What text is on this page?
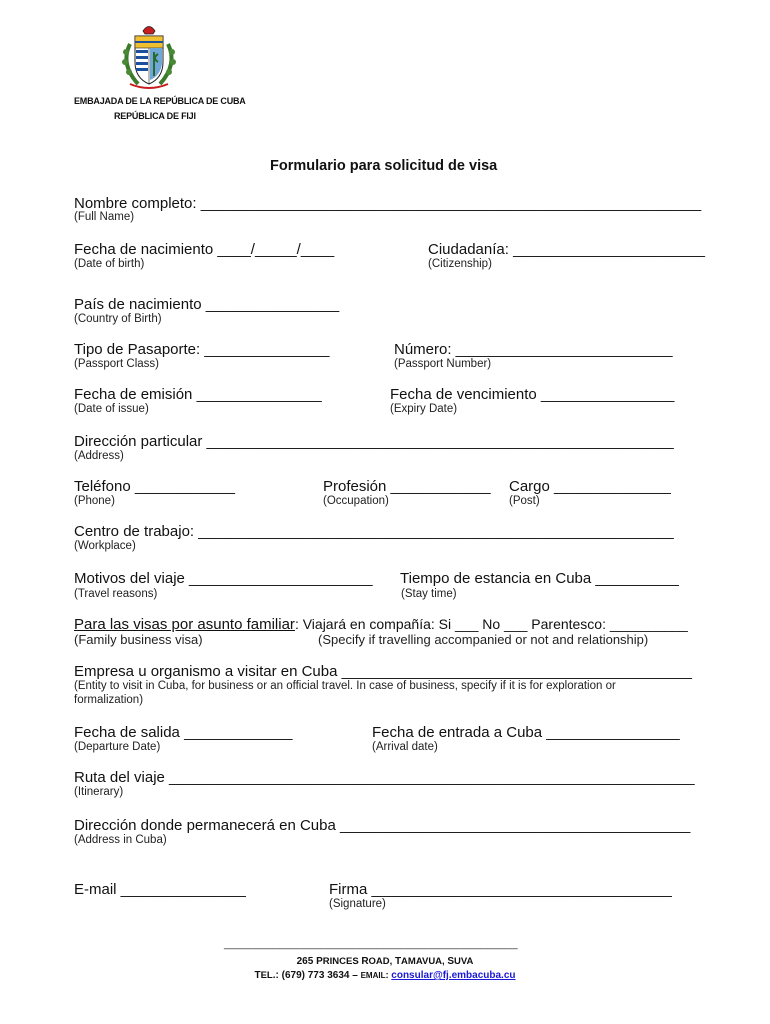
EMBAJADA DE LA REPÚBLICA DE CUBA
REPÚBLICA DE FIJI
Formulario para solicitud de visa
Nombre completo: ____________________________________________________________
(Full Name)
Fecha de nacimiento ____/_____/____
(Date of birth)
Ciudadanía: _______________________
(Citizenship)
País de nacimiento ________________
(Country of Birth)
Tipo de Pasaporte: _______________
(Passport Class)
Número: __________________________
(Passport Number)
Fecha de emisión _______________
(Date of issue)
Fecha de vencimiento ________________
(Expiry Date)
Dirección particular ________________________________________________________
(Address)
Teléfono ____________
(Phone)
Profesión ____________
(Occupation)
Cargo ______________
(Post)
Centro de trabajo: _________________________________________________________
(Workplace)
Motivos del viaje ______________________
(Travel reasons)
Tiempo de estancia en Cuba __________
(Stay time)
Para las visas por asunto familiar: Viajará en compañía: Si ___ No ___ Parentesco: __________
(Family business visa)	(Specify if travelling accompanied or not and relationship)
Empresa u organismo a visitar en Cuba __________________________________________
(Entity to visit in Cuba, for business or an official travel. In case of business, specify if it is for exploration or
formalization)
Fecha de salida _____________
(Departure Date)
Fecha de entrada a Cuba ________________
(Arrival date)
Ruta del viaje _______________________________________________________________
(Itinerary)
Dirección donde permanecerá en Cuba __________________________________________
(Address in Cuba)
E-mail _______________	Firma ____________________________________
(Signature)
________________________________________________
265 PRINCES ROAD, TAMAVUA, SUVA
TEL.: (679) 773 3634 – EMAIL: consular@fj.embacuba.cu
